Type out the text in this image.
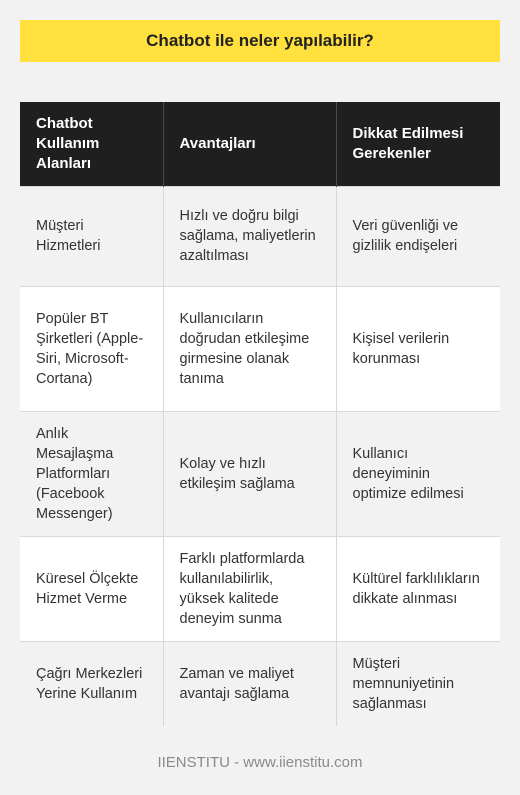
Chatbot ile neler yapılabilir?
Chatbot Kullanım Alanları	Avantajları	Dikkat Edilmesi Gerekenler
Müşteri Hizmetleri	Hızlı ve doğru bilgi sağlama, maliyetlerin azaltılması	Veri güvenliği ve gizlilik endişeleri
Popüler BT Şirketleri (Apple-Siri, Microsoft-Cortana)	Kullanıcıların doğrudan etkileşime girmesine olanak tanıma	Kişisel verilerin korunması
Anlık Mesajlaşma Platformları (Facebook Messenger)	Kolay ve hızlı etkileşim sağlama	Kullanıcı deneyiminin optimize edilmesi
Küresel Ölçekte Hizmet Verme	Farklı platformlarda kullanılabilirlik, yüksek kalitede deneyim sunma	Kültürel farklılıkların dikkate alınması
Çağrı Merkezleri Yerine Kullanım	Zaman ve maliyet avantajı sağlama	Müşteri memnuniyetinin sağlanması
IIENSTITU - www.iienstitu.com
